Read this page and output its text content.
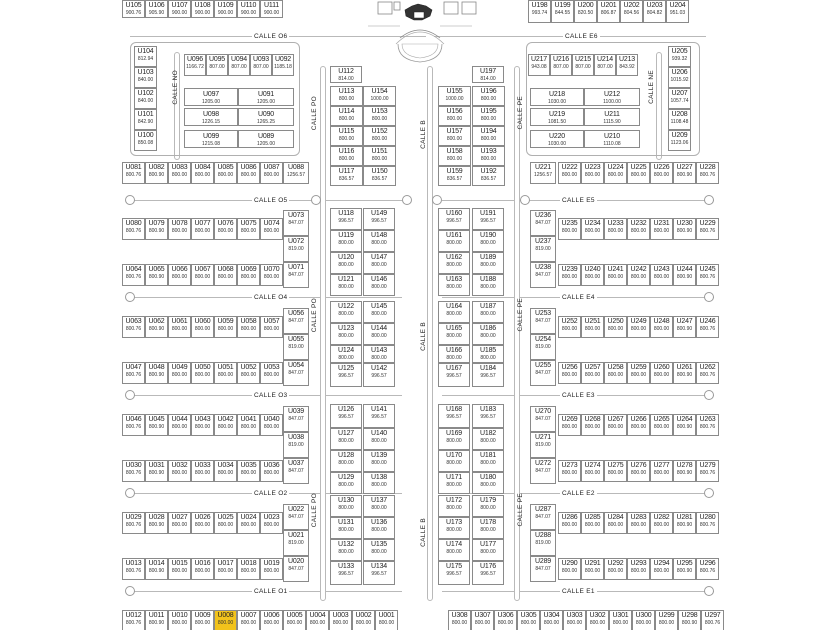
CALLE O6	CALLE E6
CALLE O5	CALLE E5
CALLE O4	CALLE E4
CALLE O3	CALLE E3
CALLE O2	CALLE E2
CALLE O1	CALLE E1
CALLE NO	CALLE NE
CALLE PO
CALLE PO
CALLE PO
CALLE B
CALLE B
CALLE B
CALLE PE
CALLE PE
CALLE PE
U105
900.76
U106
905.90
U107
900.00
U108
900.00
U109
900.00
U110
900.00
U111
900.00
U198
993.74
U199
844.55
U200
820.50
U201
806.87
U202
804.56
U203
804.82
U204
951.03
U104
812.94
U103
840.00
U102
840.00
U101
842.90
U100
850.08
U096
1166.72
U095
807.00
U094
807.00
U093
807.00
U092
1185.18
U097
1205.00
U091
1205.00
U098
1226.15
U090
1265.25
U099
1215.08
U089
1205.00
U112
814.00
U113
800.00
U154
1000.00
U114
800.00
U153
800.00
U115
800.00
U152
800.00
U116
800.00
U151
800.00
U117
836.57
U150
836.57
U197
814.00
U155
1000.00
U196
800.00
U156
800.00
U195
800.00
U157
800.00
U194
800.00
U158
800.00
U193
800.00
U159
836.57
U192
836.57
U217
943.08
U216
807.00
U215
807.00
U214
807.00
U213
843.92
U205
939.32
U206
1015.92
U218
1030.00
U212
1100.00
U207
1057.74
U219
1081.50
U211
1115.90
U208
1108.48
U220
1030.00
U210
1110.08
U209
1123.06
U081
800.76
U082
800.90
U083
800.00
U084
800.00
U085
800.00
U086
800.00
U087
800.00
U088
1256.57
U221
1256.57
U222
800.00
U223
800.00
U224
800.00
U225
800.00
U226
800.00
U227
800.90
U228
800.76
U080
800.76
U079
800.90
U078
800.00
U077
800.00
U076
800.00
U075
800.00
U074
800.00
U073
847.07
U072
819.00
U071
847.07
U064
800.76
U065
800.90
U066
800.00
U067
800.00
U068
800.00
U069
800.00
U070
800.00
U118
996.57
U149
996.57
U119
800.00
U148
800.00
U120
800.00
U147
800.00
U121
800.00
U146
800.00
U160
996.57
U191
996.57
U161
800.00
U190
800.00
U162
800.00
U189
800.00
U163
800.00
U188
800.00
U236
847.07
U237
819.00
U238
847.07
U235
800.00
U234
800.00
U233
800.00
U232
800.00
U231
800.00
U230
800.90
U229
800.76
U239
800.00
U240
800.00
U241
800.00
U242
800.00
U243
800.00
U244
800.90
U245
800.76
U063
800.76
U062
800.90
U061
800.00
U060
800.00
U059
800.00
U058
800.00
U057
800.00
U056
847.07
U055
819.00
U054
847.07
U047
800.76
U048
800.90
U049
800.00
U050
800.00
U051
800.00
U052
800.00
U053
800.00
U122
800.00
U145
800.00
U123
800.00
U144
800.00
U124
800.00
U143
800.00
U125
996.57
U142
996.57
U164
800.00
U187
800.00
U165
800.00
U186
800.00
U166
800.00
U185
800.00
U167
996.57
U184
996.57
U253
847.07
U254
819.00
U255
847.07
U252
800.00
U251
800.00
U250
800.00
U249
800.00
U248
800.00
U247
800.90
U246
800.76
U256
800.00
U257
800.00
U258
800.00
U259
800.00
U260
800.00
U261
800.90
U262
800.76
U046
800.76
U045
800.90
U044
800.00
U043
800.00
U042
800.00
U041
800.00
U040
800.00
U039
847.07
U038
819.00
U037
847.07
U030
800.76
U031
800.90
U032
800.00
U033
800.00
U034
800.00
U035
800.00
U036
800.00
U126
996.57
U141
996.57
U127
800.00
U140
800.00
U128
800.00
U139
800.00
U129
800.00
U138
800.00
U168
996.57
U183
996.57
U169
800.00
U182
800.00
U170
800.00
U181
800.00
U171
800.00
U180
800.00
U270
847.07
U271
819.00
U272
847.07
U269
800.00
U268
800.00
U267
800.00
U266
800.00
U265
800.00
U264
800.90
U263
800.76
U273
800.00
U274
800.00
U275
800.00
U276
800.00
U277
800.00
U278
800.90
U279
800.76
U029
800.76
U028
800.90
U027
800.00
U026
800.00
U025
800.00
U024
800.00
U023
800.00
U022
847.07
U021
819.00
U020
847.07
U013
800.76
U014
800.90
U015
800.00
U016
800.00
U017
800.00
U018
800.00
U019
800.00
U130
800.00
U137
800.00
U131
800.00
U136
800.00
U132
800.00
U135
800.00
U133
996.57
U134
996.57
U172
800.00
U179
800.00
U173
800.00
U178
800.00
U174
800.00
U177
800.00
U175
996.57
U176
996.57
U287
847.07
U288
819.00
U289
847.07
U286
800.00
U285
800.00
U284
800.00
U283
800.00
U282
800.00
U281
800.90
U280
800.76
U290
800.00
U291
800.00
U292
800.00
U293
800.00
U294
800.00
U295
800.90
U296
800.76
U012
800.76
U011
800.90
U010
800.00
U009
800.00
U008
800.00
U007
800.00
U006
800.00
U005
800.00
U004
800.00
U003
800.00
U002
800.00
U001
800.00
U308
800.00
U307
800.00
U306
800.00
U305
800.00
U304
800.00
U303
800.00
U302
800.00
U301
800.00
U300
800.00
U299
800.00
U298
800.90
U297
800.76
